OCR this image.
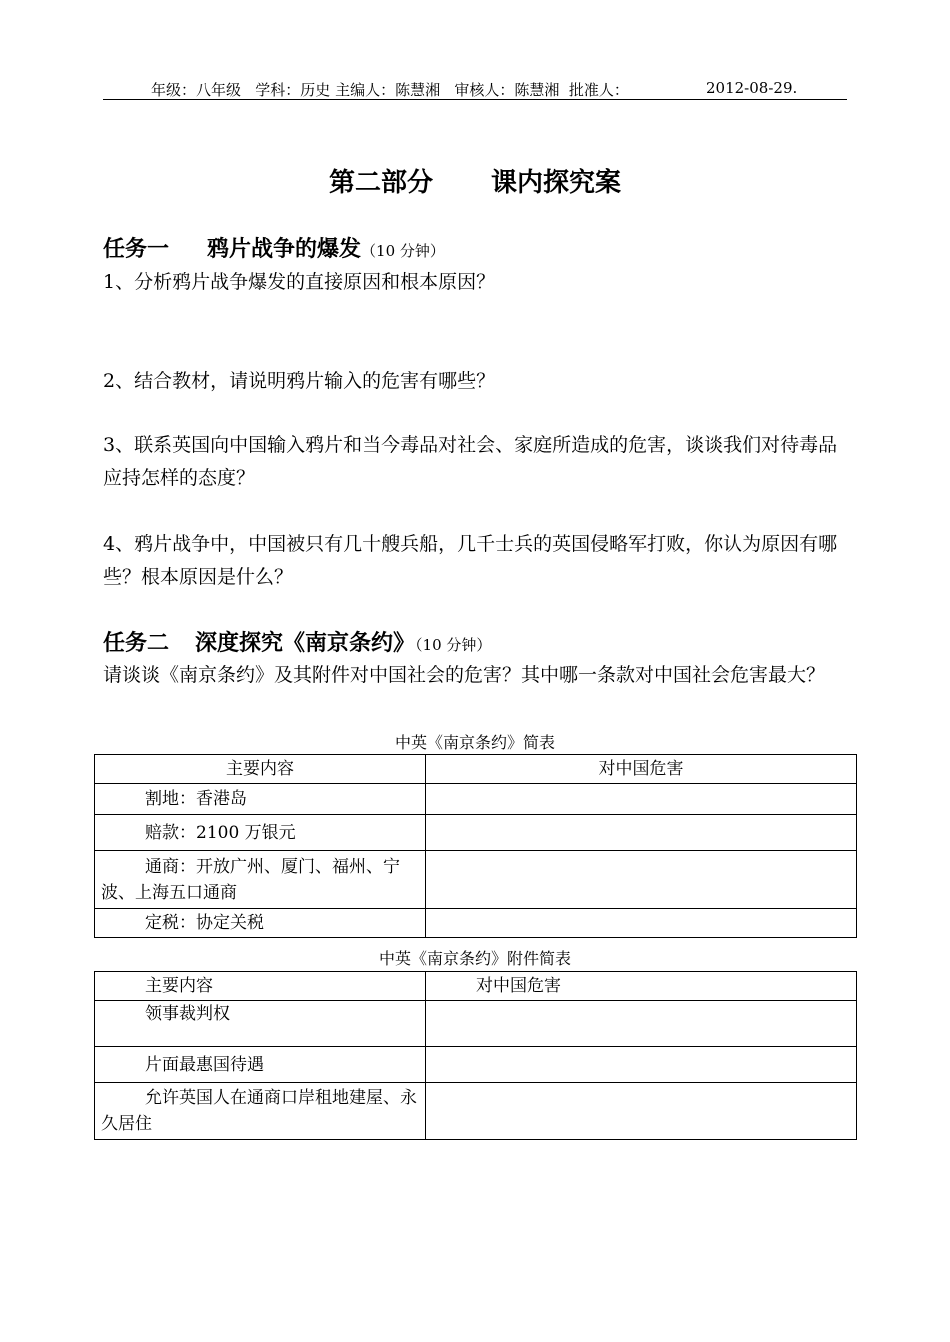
年级：八年级   学科：历史 主编人：陈慧湘   审核人：陈慧湘  批准人：	2012-08-29.
第二部分 课内探究案
任务一 鸦片战争的爆发（10 分钟）
1、分析鸦片战争爆发的直接原因和根本原因？
2、结合教材，请说明鸦片输入的危害有哪些？
3、联系英国向中国输入鸦片和当今毒品对社会、家庭所造成的危害，谈谈我们对待毒品应持怎样的态度？
4、鸦片战争中，中国被只有几十艘兵船，几千士兵的英国侵略军打败，你认为原因有哪些？根本原因是什么？
任务二 深度探究《南京条约》（10 分钟）
请谈谈《南京条约》及其附件对中国社会的危害？其中哪一条款对中国社会危害最大？
中英《南京条约》简表
主要内容	对中国危害
割地：香港岛	
赔款：2100 万银元	
通商：开放广州、厦门、福州、宁波、上海五口通商	
定税：协定关税	
中英《南京条约》附件简表
主要内容	对中国危害
领事裁判权	
片面最惠国待遇	
允许英国人在通商口岸租地建屋、永久居住	
